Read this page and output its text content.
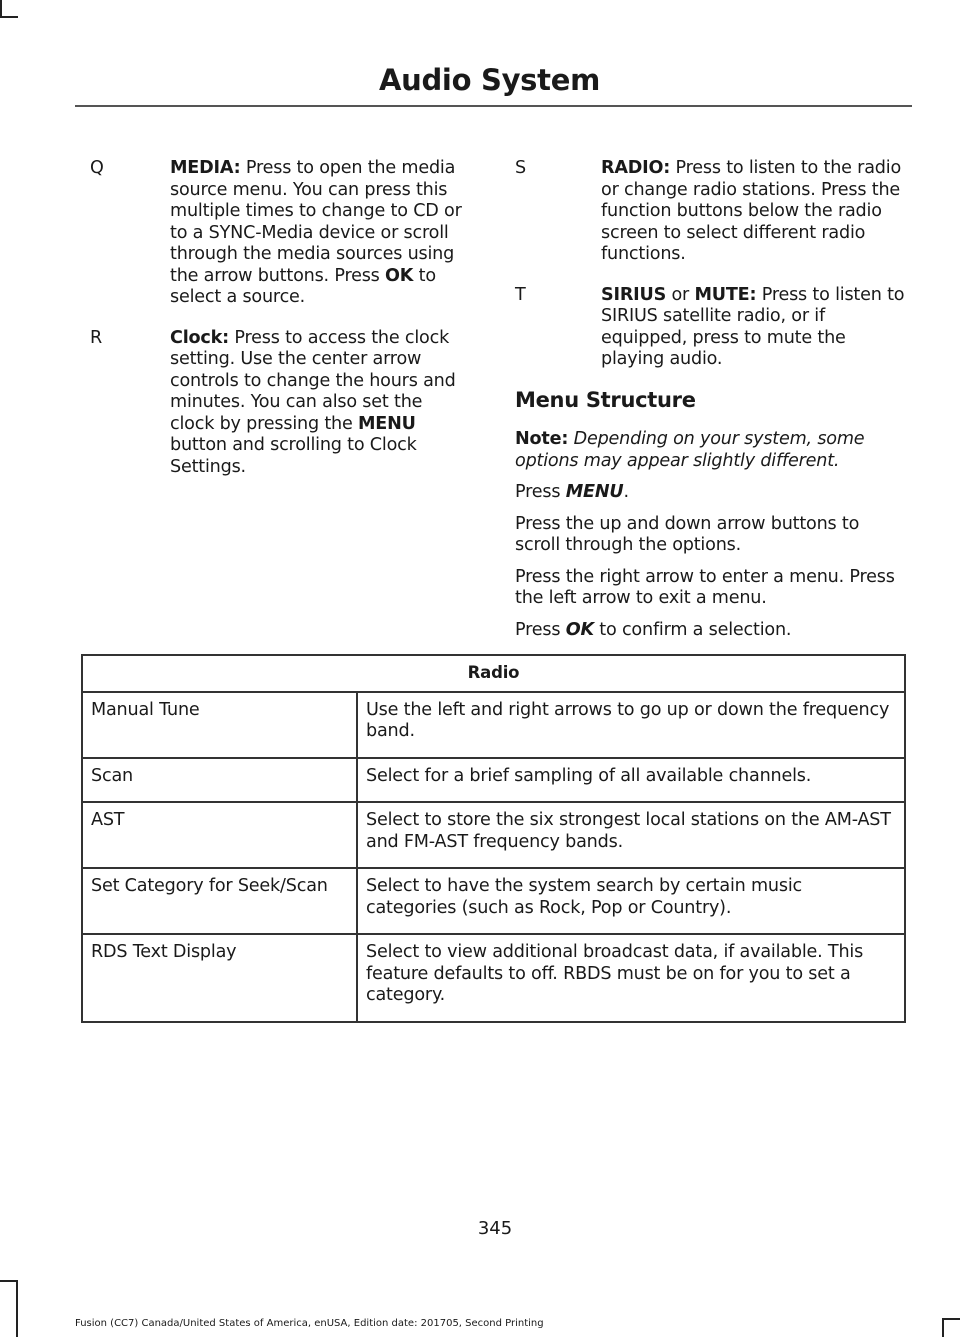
Audio System
Q	MEDIA: Press to open the media source menu. You can press this multiple times to change to CD or to a SYNC-Media device or scroll through the media sources using the arrow buttons. Press OK to select a source.
R	Clock: Press to access the clock setting. Use the center arrow controls to change the hours and minutes. You can also set the clock by pressing the MENU button and scrolling to Clock Settings.
S	RADIO: Press to listen to the radio or change radio stations. Press the function buttons below the radio screen to select different radio functions.
T	SIRIUS or MUTE: Press to listen to SIRIUS satellite radio, or if equipped, press to mute the playing audio.
Menu Structure
Note: Depending on your system, some options may appear slightly different.
Press MENU.
Press the up and down arrow buttons to scroll through the options.
Press the right arrow to enter a menu. Press the left arrow to exit a menu.
Press OK to confirm a selection.
Radio	
Manual Tune	Use the left and right arrows to go up or down the frequency band.
Scan	Select for a brief sampling of all available channels.
AST	Select to store the six strongest local stations on the AM-AST and FM-AST frequency bands.
Set Category for Seek/Scan	Select to have the system search by certain music categories (such as Rock, Pop or Country).
RDS Text Display	Select to view additional broadcast data, if available. This feature defaults to off. RBDS must be on for you to set a category.
345
Fusion (CC7) Canada/United States of America, enUSA, Edition date: 201705, Second Printing
